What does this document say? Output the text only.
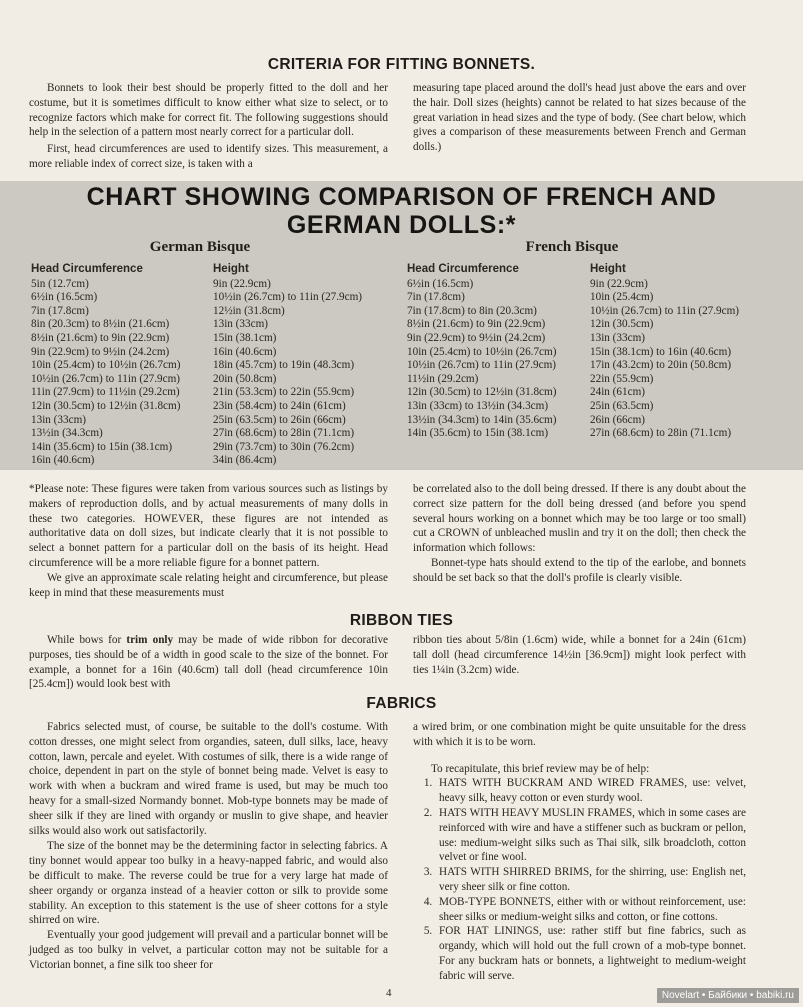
CRITERIA FOR FITTING BONNETS.

Bonnets to look their best should be properly fitted to the doll and her costume, but it is sometimes difficult to know either what size to select, or to recognize factors which make for correct fit. The following suggestions should help in the selection of a pattern most nearly correct for a particular doll.

First, head circumferences are used to identify sizes. This measurement, a more reliable index of correct size, is taken with a

measuring tape placed around the doll's head just above the ears and over the hair. Doll sizes (heights) cannot be related to hat sizes because of the great variation in head sizes and the type of body. (See chart below, which gives a comparison of these measurements between French and German dolls.)

CHART SHOWING COMPARISON OF FRENCH AND
GERMAN DOLLS:*
German Bisque	French Bisque
Head Circumference
5in (12.7cm)
6½in (16.5cm)
7in (17.8cm)
8in (20.3cm) to 8½in (21.6cm)
8½in (21.6cm) to 9in (22.9cm)
9in (22.9cm) to 9½in (24.2cm)
10in (25.4cm) to 10½in (26.7cm)
10½in (26.7cm) to 11in (27.9cm)
11in (27.9cm) to 11½in (29.2cm)
12in (30.5cm) to 12½in (31.8cm)
13in (33cm)
13½in (34.3cm)
14in (35.6cm) to 15in (38.1cm)
16in (40.6cm)
Height
9in (22.9cm)
10½in (26.7cm) to 11in (27.9cm)
12½in (31.8cm)
13in (33cm)
15in (38.1cm)
16in (40.6cm)
18in (45.7cm) to 19in (48.3cm)
20in (50.8cm)
21in (53.3cm) to 22in (55.9cm)
23in (58.4cm) to 24in (61cm)
25in (63.5cm) to 26in (66cm)
27in (68.6cm) to 28in (71.1cm)
29in (73.7cm) to 30in (76.2cm)
34in (86.4cm)
Head Circumference
6½in (16.5cm)
7in (17.8cm)
7in (17.8cm) to 8in (20.3cm)
8½in (21.6cm) to 9in (22.9cm)
9in (22.9cm) to 9½in (24.2cm)
10in (25.4cm) to 10½in (26.7cm)
10½in (26.7cm) to 11in (27.9cm)
11½in (29.2cm)
12in (30.5cm) to 12½in (31.8cm)
13in (33cm) to 13½in (34.3cm)
13½in (34.3cm) to 14in (35.6cm)
14in (35.6cm) to 15in (38.1cm)
Height
9in (22.9cm)
10in (25.4cm)
10½in (26.7cm) to 11in (27.9cm)
12in (30.5cm)
13in (33cm)
15in (38.1cm) to 16in (40.6cm)
17in (43.2cm) to 20in (50.8cm)
22in (55.9cm)
24in (61cm)
25in (63.5cm)
26in (66cm)
27in (68.6cm) to 28in (71.1cm)

*Please note: These figures were taken from various sources such as listings by makers of reproduction dolls, and by actual measurements of many dolls in these two categories. HOWEVER, these figures are not intended as authoritative data on doll sizes, but indicate clearly that it is not possible to select a bonnet pattern for a particular doll on the basis of its height. Head circumference will be a more reliable figure for a bonnet pattern.

We give an approximate scale relating height and circumference, but please keep in mind that these measurements must

be correlated also to the doll being dressed. If there is any doubt about the correct size pattern for the doll being dressed (and before you spend several hours working on a bonnet which may be too large or too small) cut a CROWN of unbleached muslin and try it on the doll; then check the information which follows:

Bonnet-type hats should extend to the tip of the earlobe, and bonnets should be set back so that the doll's profile is clearly visible.

RIBBON TIES

While bows for trim only may be made of wide ribbon for decorative purposes, ties should be of a width in good scale to the size of the bonnet. For example, a bonnet for a 16in (40.6cm) tall doll (head circumference 10in [25.4cm]) would look best with

ribbon ties about 5/8in (1.6cm) wide, while a bonnet for a 24in (61cm) tall doll (head circumference 14½in [36.9cm]) might look perfect with ties 1¼in (3.2cm) wide.

FABRICS

Fabrics selected must, of course, be suitable to the doll's costume. With cotton dresses, one might select from organdies, sateen, dull silks, lace, heavy cotton, lawn, percale and eyelet. With costumes of silk, there is a wide range of choice, dependent in part on the style of bonnet being made. Velvet is easy to work with when a buckram and wired frame is used, but may be much too heavy for a small-sized Normandy bonnet. Mob-type bonnets may be made of sheer silk if they are lined with organdy or muslin to give shape, and heavier silks would also work out satisfactorily.

The size of the bonnet may be the determining factor in selecting fabrics. A tiny bonnet would appear too bulky in a heavy-napped fabric, and would also be difficult to make. The reverse could be true for a very large hat made of sheer organdy or organza instead of a heavier cotton or silk to provide some stability. An exception to this statement is the use of sheer cottons for a style shirred on wire.

Eventually your good judgement will prevail and a particular bonnet will be judged as too bulky in velvet, a particular cotton may not be suitable for a Victorian bonnet, a fine silk too sheer for

a wired brim, or one combination might be quite unsuitable for the dress with which it is to be worn.

To recapitulate, this brief review may be of help:

1. HATS WITH BUCKRAM AND WIRED FRAMES, use: velvet, heavy silk, heavy cotton or even sturdy wool.
2. HATS WITH HEAVY MUSLIN FRAMES, which in some cases are reinforced with wire and have a stiffener such as buckram or pellon, use: medium-weight silks such as Thai silk, silk broadcloth, cotton velvet or fine wool.
3. HATS WITH SHIRRED BRIMS, for the shirring, use: English net, very sheer silk or fine cotton.
4. MOB-TYPE BONNETS, either with or without reinforcement, use: sheer silks or medium-weight silks and cotton, or fine cottons.
5. FOR HAT LININGS, use: rather stiff but fine fabrics, such as organdy, which will hold out the full crown of a mob-type bonnet. For any buckram hats or bonnets, a lightweight to medium-weight fabric will serve.
4	Novelart • Байбики • babiki.ru
